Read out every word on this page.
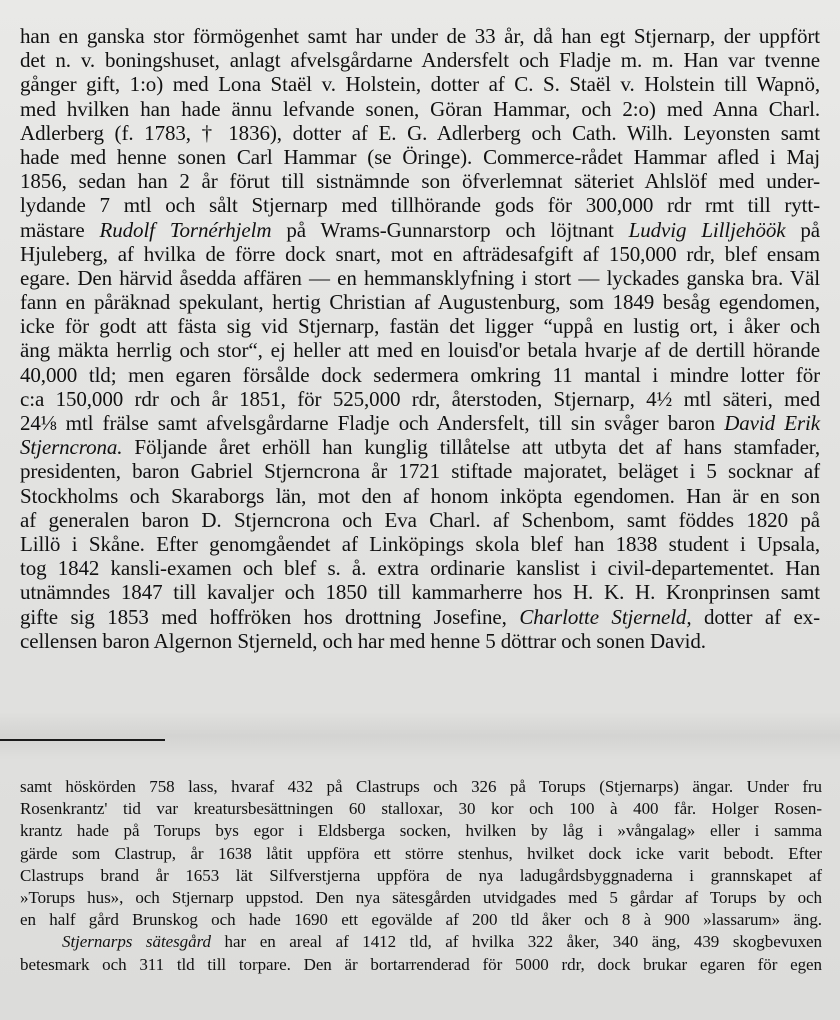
han en ganska stor förmögenhet samt har under de 33 år, då han egt Stjernarp, der uppfört
det n. v. boningshuset, anlagt afvelsgårdarne Andersfelt och Fladje m. m. Han var tvenne
gånger gift, 1:o) med Lona Staël v. Holstein, dotter af C. S. Staël v. Holstein till Wapnö,
med hvilken han hade ännu lefvande sonen, Göran Hammar, och 2:o) med Anna Charl.
Adlerberg (f. 1783, † 1836), dotter af E. G. Adlerberg och Cath. Wilh. Leyonsten samt
hade med henne sonen Carl Hammar (se Öringe). Commerce-rådet Hammar afled i Maj
1856, sedan han 2 år förut till sistnämnde son öfverlemnat säteriet Ahlslöf med under-
lydande 7 mtl och sålt Stjernarp med tillhörande gods för 300,000 rdr rmt till rytt-
mästare Rudolf Tornérhjelm på Wrams-Gunnarstorp och löjtnant Ludvig Lilljehöök på
Hjuleberg, af hvilka de förre dock snart, mot en afträdesafgift af 150,000 rdr, blef ensam
egare. Den härvid åsedda affären — en hemmansklyfning i stort — lyckades ganska bra. Väl
fann en påräknad spekulant, hertig Christian af Augustenburg, som 1849 besåg egendomen,
icke för godt att fästa sig vid Stjernarp, fastän det ligger “uppå en lustig ort, i åker och
äng mäkta herrlig och stor“, ej heller att med en louisd'or betala hvarje af de dertill hörande
40,000 tld; men egaren försålde dock sedermera omkring 11 mantal i mindre lotter för
c:a 150,000 rdr och år 1851, för 525,000 rdr, återstoden, Stjernarp, 4½ mtl säteri, med
24⅛ mtl frälse samt afvelsgårdarne Fladje och Andersfelt, till sin svåger baron David Erik
Stjerncrona. Följande året erhöll han kunglig tillåtelse att utbyta det af hans stamfader,
presidenten, baron Gabriel Stjerncrona år 1721 stiftade majoratet, beläget i 5 socknar af
Stockholms och Skaraborgs län, mot den af honom inköpta egendomen. Han är en son
af generalen baron D. Stjerncrona och Eva Charl. af Schenbom, samt föddes 1820 på
Lillö i Skåne. Efter genomgåendet af Linköpings skola blef han 1838 student i Upsala,
tog 1842 kansli-examen och blef s. å. extra ordinarie kanslist i civil-departementet. Han
utnämndes 1847 till kavaljer och 1850 till kammarherre hos H. K. H. Kronprinsen samt
gifte sig 1853 med hoffröken hos drottning Josefine, Charlotte Stjerneld, dotter af ex-
cellensen baron Algernon Stjerneld, och har med henne 5 döttrar och sonen David.
samt höskörden 758 lass, hvaraf 432 på Clastrups och 326 på Torups (Stjernarps) ängar. Under fru
Rosenkrantz' tid var kreatursbesättningen 60 stalloxar, 30 kor och 100 à 400 får. Holger Rosen-
krantz hade på Torups bys egor i Eldsberga socken, hvilken by låg i »vångalag» eller i samma
gärde som Clastrup, år 1638 låtit uppföra ett större stenhus, hvilket dock icke varit bebodt. Efter
Clastrups brand år 1653 lät Silfverstjerna uppföra de nya ladugårdsbyggnaderna i grannskapet af
»Torups hus», och Stjernarp uppstod. Den nya sätesgården utvidgades med 5 gårdar af Torups by och
en half gård Brunskog och hade 1690 ett egovälde af 200 tld åker och 8 à 900 »lassarum» äng.
Stjernarps sätesgård har en areal af 1412 tld, af hvilka 322 åker, 340 äng, 439 skogbevuxen
betesmark och 311 tld till torpare. Den är bortarrenderad för 5000 rdr, dock brukar egaren för egen
